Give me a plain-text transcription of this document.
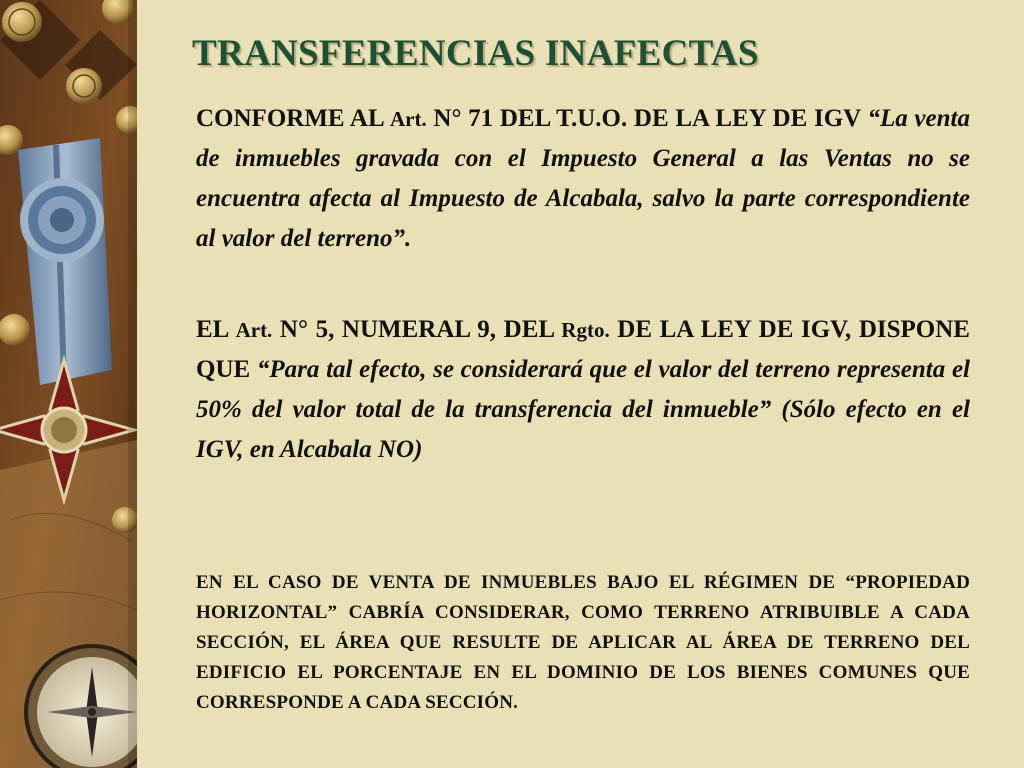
TRANSFERENCIAS INAFECTAS

CONFORME AL Art. N° 71 DEL T.U.O. DE LA LEY DE IGV “La venta de inmuebles gravada con el Impuesto General a las Ventas no se encuentra afecta al Impuesto de Alcabala, salvo la parte correspondiente al valor del terreno”.

EL Art. N° 5, NUMERAL 9, DEL Rgto. DE LA LEY DE IGV, DISPONE QUE “Para tal efecto, se considerará que el valor del terreno representa el 50% del valor total de la transferencia del inmueble” (Sólo efecto en el IGV, en Alcabala NO)

EN EL CASO DE VENTA DE INMUEBLES BAJO EL RÉGIMEN DE “PROPIEDAD HORIZONTAL” CABRÍA CONSIDERAR, COMO TERRENO ATRIBUIBLE A CADA SECCIÓN, EL ÁREA QUE RESULTE DE APLICAR AL ÁREA DE TERRENO DEL EDIFICIO EL PORCENTAJE EN EL DOMINIO DE LOS BIENES COMUNES QUE CORRESPONDE A CADA SECCIÓN.
